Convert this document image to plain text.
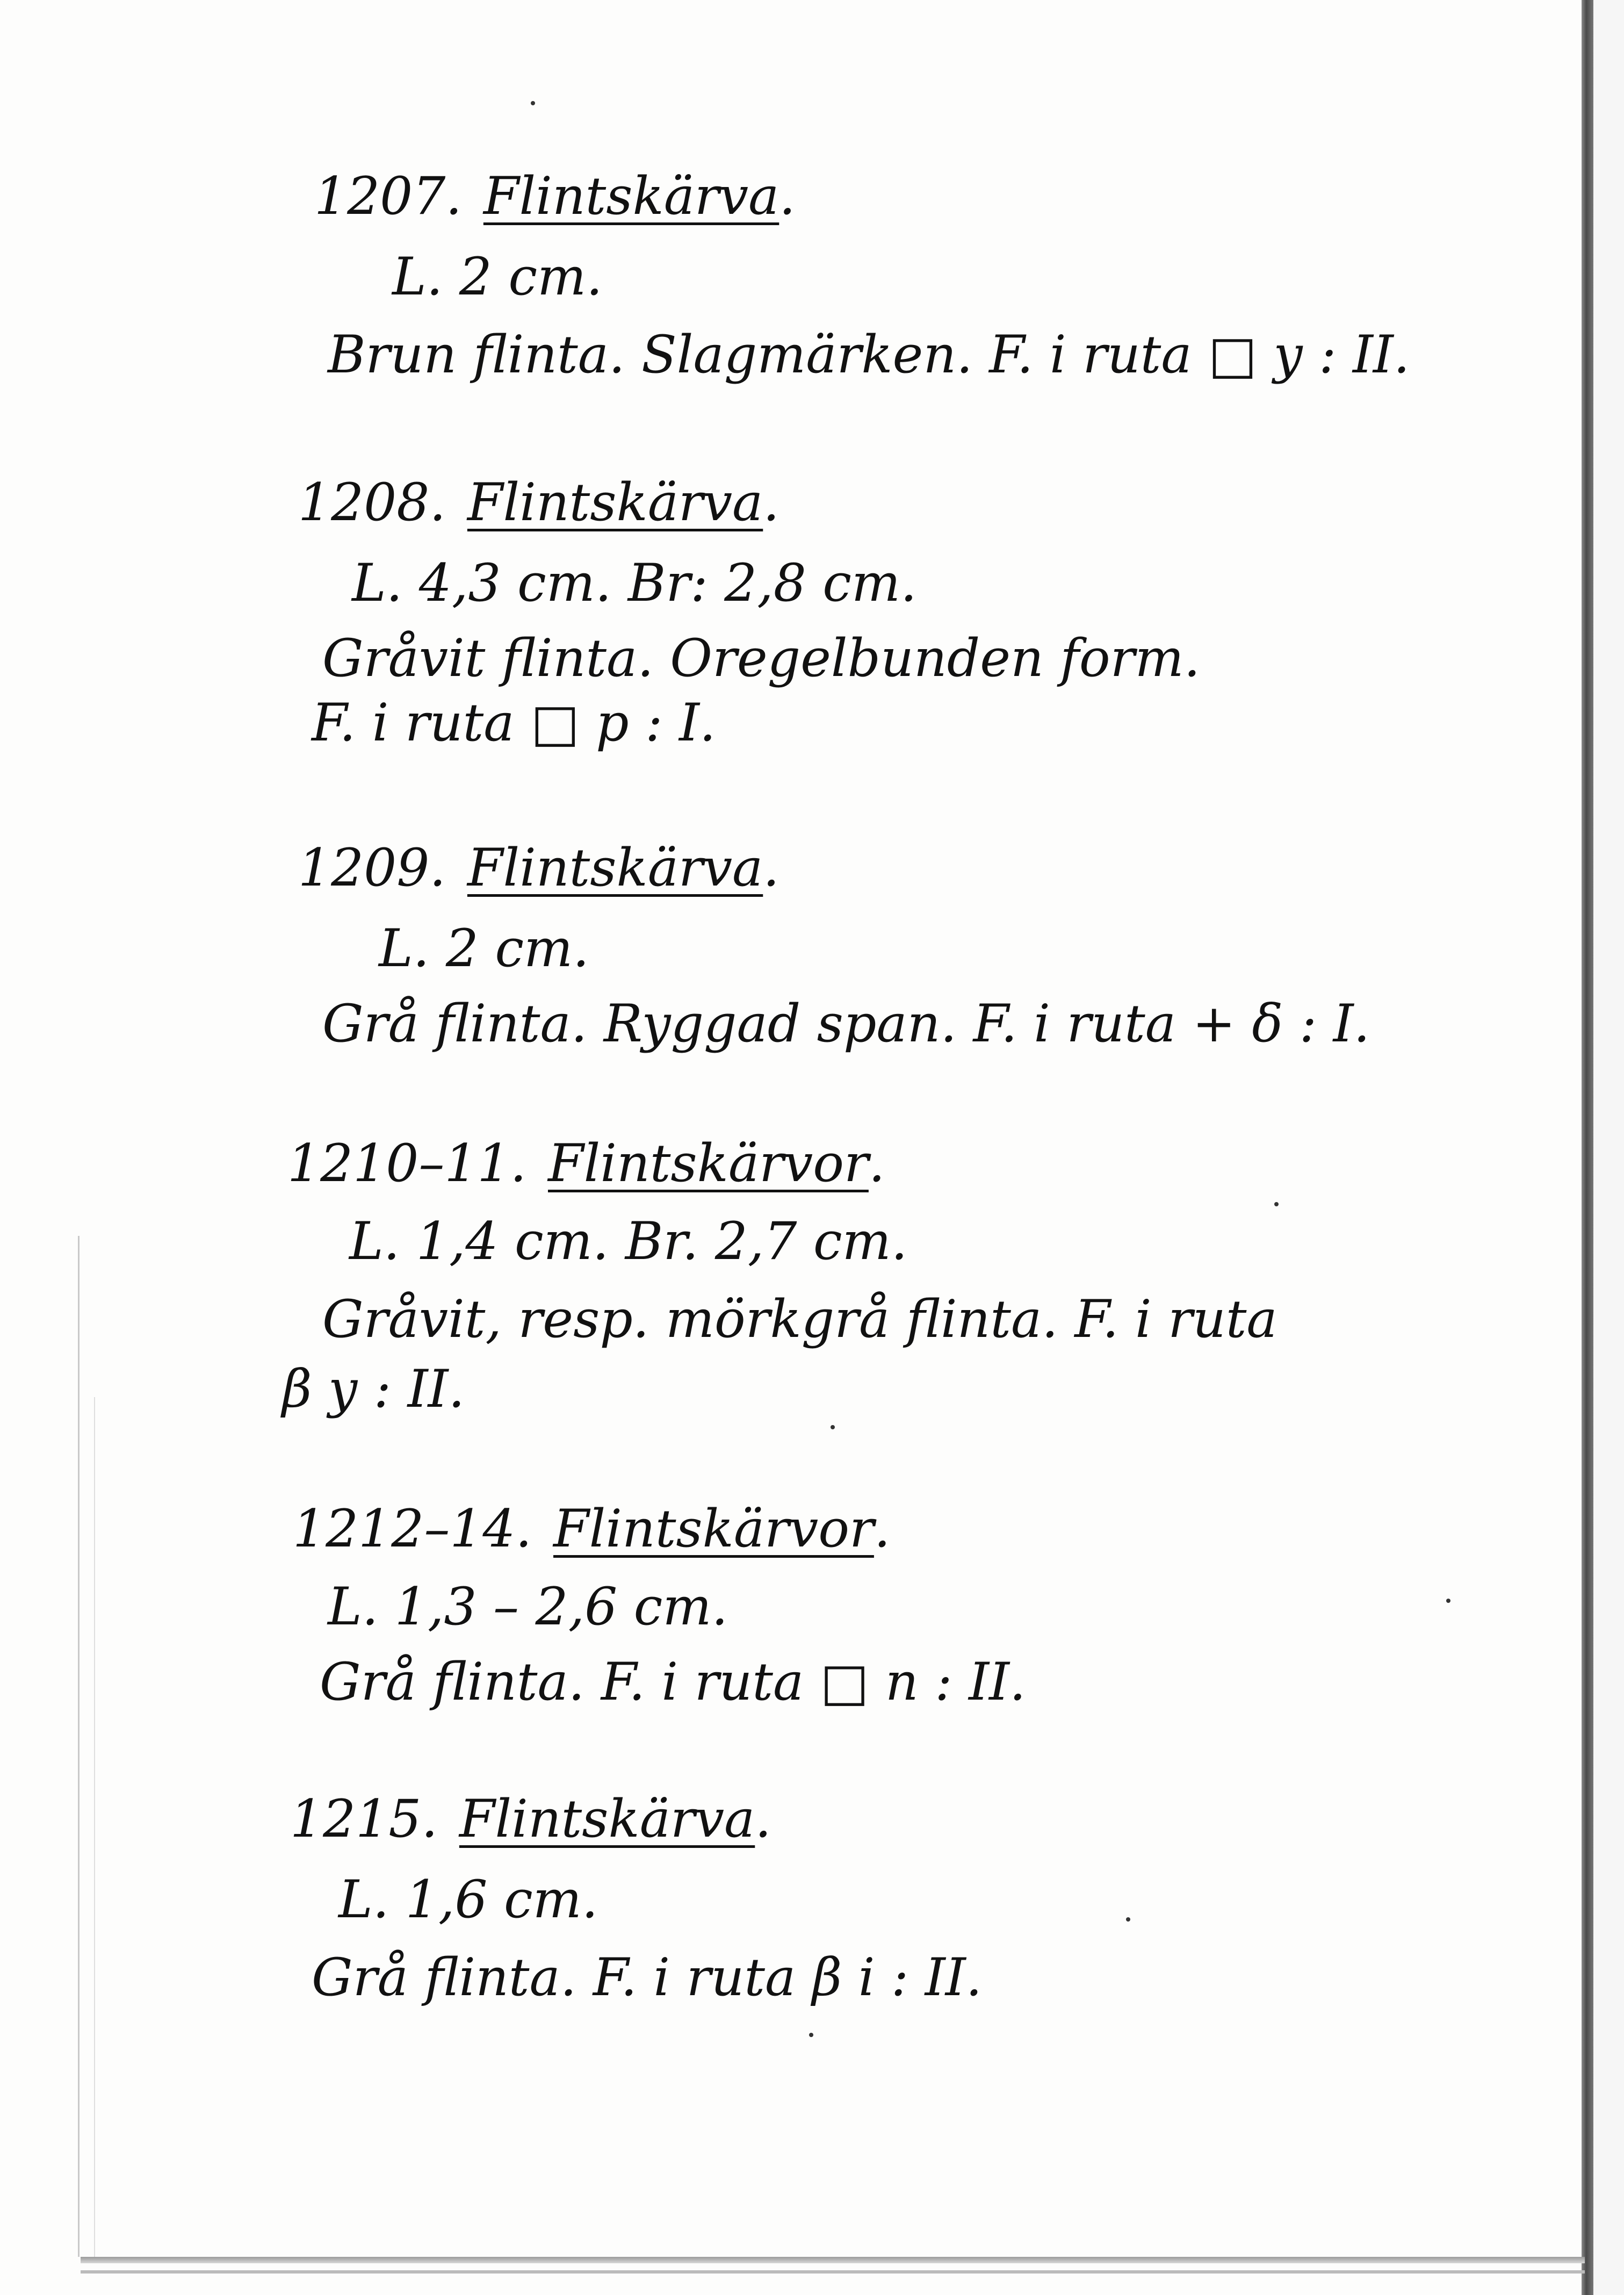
1207. Flintskärva.
L. 2 cm.
Brun flinta. Slagmärken. F. i ruta □ y : II.
1208. Flintskärva.
L. 4,3 cm. Br: 2,8 cm.
Gråvit flinta. Oregelbunden form.
F. i ruta □ p : I.
1209. Flintskärva.
L. 2 cm.
Grå flinta. Ryggad span. F. i ruta + δ : I.
1210–11. Flintskärvor.
L. 1,4 cm. Br. 2,7 cm.
Gråvit, resp. mörkgrå flinta. F. i ruta
β y : II.
1212–14. Flintskärvor.
L. 1,3 – 2,6 cm.
Grå flinta. F. i ruta □ n : II.
1215. Flintskärva.
L. 1,6 cm.
Grå flinta. F. i ruta β i : II.
